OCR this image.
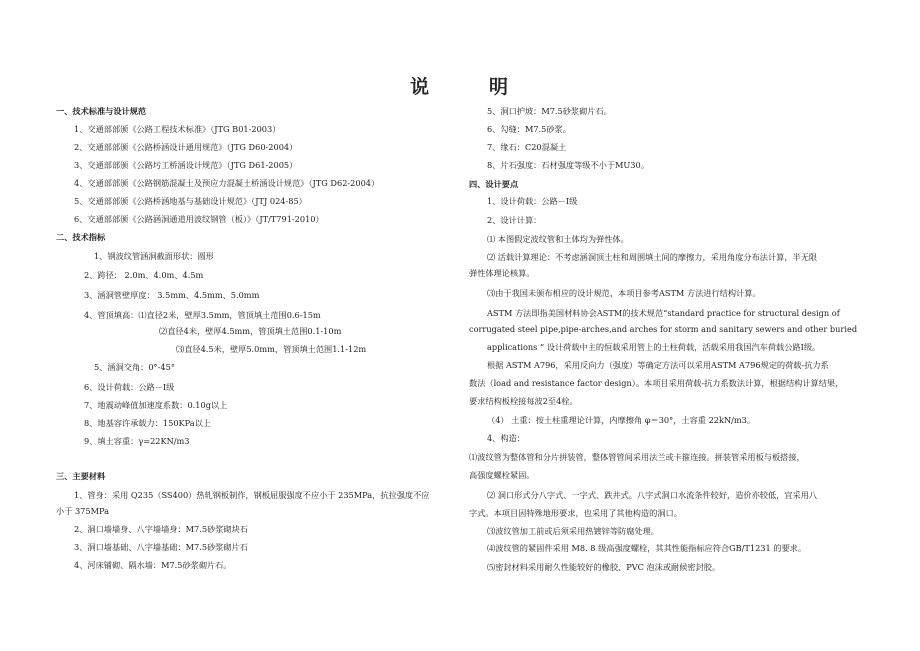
说	明
一、技术标准与设计规范
1、交通部部颁《公路工程技术标准》（JTG B01-2003）
2、交通部部颁《公路桥涵设计通用规范》（JTG D60-2004）
3、交通部部颁《公路圬工桥涵设计规范》（JTG D61-2005）
4、交通部部颁《公路钢筋混凝土及预应力混凝土桥涵设计规范》（JTG D62-2004）
5、交通部部颁《公路桥涵地基与基础设计规范》（JTJ 024-85）
6、交通部部颁《公路涵洞通道用波纹钢管（板）》（JT/T791-2010）
二、技术指标
1、钢波纹管涵洞截面形状：圆形
2、跨径： 2.0m、4.0m、4.5m
3、涵洞管壁厚度： 3.5mm、4.5mm、5.0mm
4、管顶填高：⑴直径2米，壁厚3.5mm，管顶填土范围0.6-15m
⑵直径4米，壁厚4.5mm，管顶填土范围0.1-10m
⑶直径4.5米，壁厚5.0mm，管顶填土范围1.1-12m
5、涵洞交角：0°-45°
6、设计荷载：公路－Ⅰ级
7、地震动峰值加速度系数：0.10g以上
8、地基容许承载力：150KPa以上
9、填土容重：γ=22KN/m3
三、主要材料
1、管身：采用 Q235（SS400）热轧钢板制作，钢板屈服强度不应小于 235MPa，抗拉强度不应
小于 375MPa
2、洞口墙墙身、八字墙墙身：M7.5砂浆砌块石
3、洞口墙基础、八字墙基础：M7.5砂浆砌片石
4、河床铺砌、隔水墙：M7.5砂浆砌片石。
5、洞口护坡：M7.5砂浆砌片石。
6、勾缝：M7.5砂浆。
7、缘石：C20混凝土
8、片石强度：石材强度等级不小于MU30。
四、设计要点
1、设计荷载：公路－Ⅰ级
2、设计计算：
⑴ 本图假定波纹管和土体均为弹性体。
⑵ 活载计算理论：不考虑涵洞顶土柱和周围填土间的摩擦力，采用角度分布法计算，半无限
弹性体理论核算。
⑶由于我国未颁布相应的设计规范，本项目参考ASTM 方法进行结构计算。
ASTM 方法即指美国材料协会ASTM的技术规范“standard practice for structural design of
corrugated steel pipe,pipe-arches,and arches for storm and sanitary sewers and other buried
applications ” 设计荷载中主的恒载采用管上的土柱荷载，活载采用我国汽车荷载公路I级。
根据 ASTM A796，采用反向力（强度）等确定方法可以采用ASTM A796规定的荷载-抗力系
数法（load and resistance factor design）。本项目采用荷载-抗力系数法计算，根据结构计算结果，
要求结构板栓接每波2至4栓。
（4） 土重：按土柱重理论计算，内摩擦角 φ＝30°，土容重 22kN/m3。
4、构造：
⑴波纹管为整体管和分片拼装管，整体管管间采用法兰或卡箍连接。拼装管采用板与板搭接，
高强度螺栓紧固。
⑵ 洞口形式分八字式、一字式、跌井式。八字式洞口水流条件较好，造价亦较低，宜采用八
字式。本项目因特殊地形要求，也采用了其他构造的洞口。
⑶波纹管加工前或后须采用热镀锌等防腐处理。
⑷波纹管的紧固件采用 M8. 8 级高强度螺栓，其其性能指标应符合GB/T1231 的要求。
⑸密封材料采用耐久性能较好的橡胶、PVC 泡沫或耐候密封胶。
